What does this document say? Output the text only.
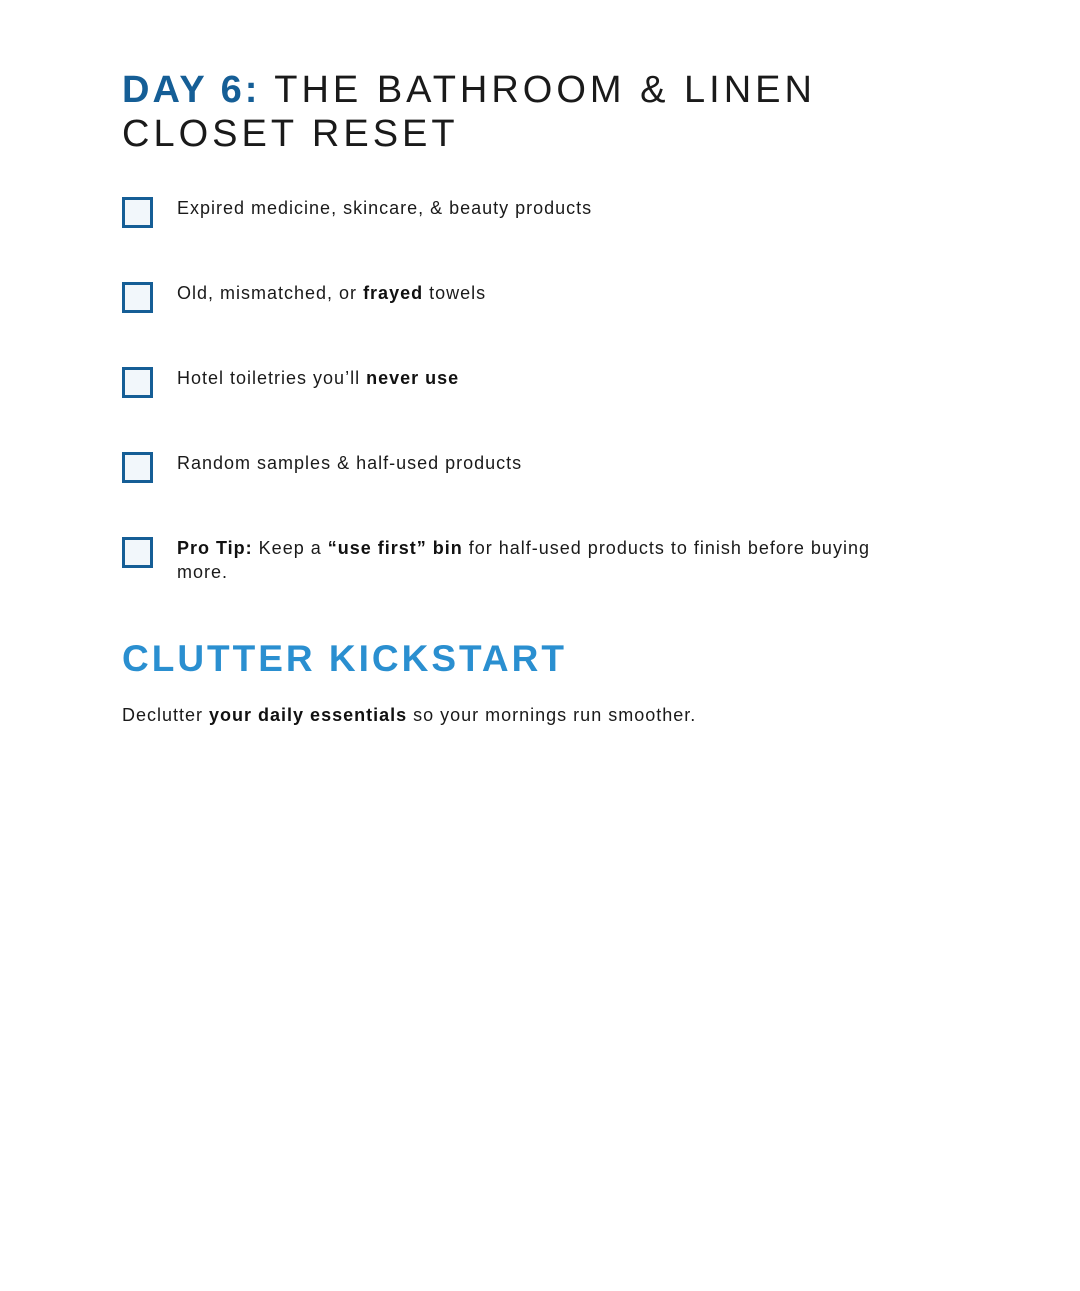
DAY 6: THE BATHROOM & LINEN CLOSET RESET
Expired medicine, skincare, & beauty products
Old, mismatched, or frayed towels
Hotel toiletries you’ll never use
Random samples & half-used products
Pro Tip: Keep a “use first” bin for half-used products to finish before buying more.
CLUTTER KICKSTART

Declutter your daily essentials so your mornings run smoother.
